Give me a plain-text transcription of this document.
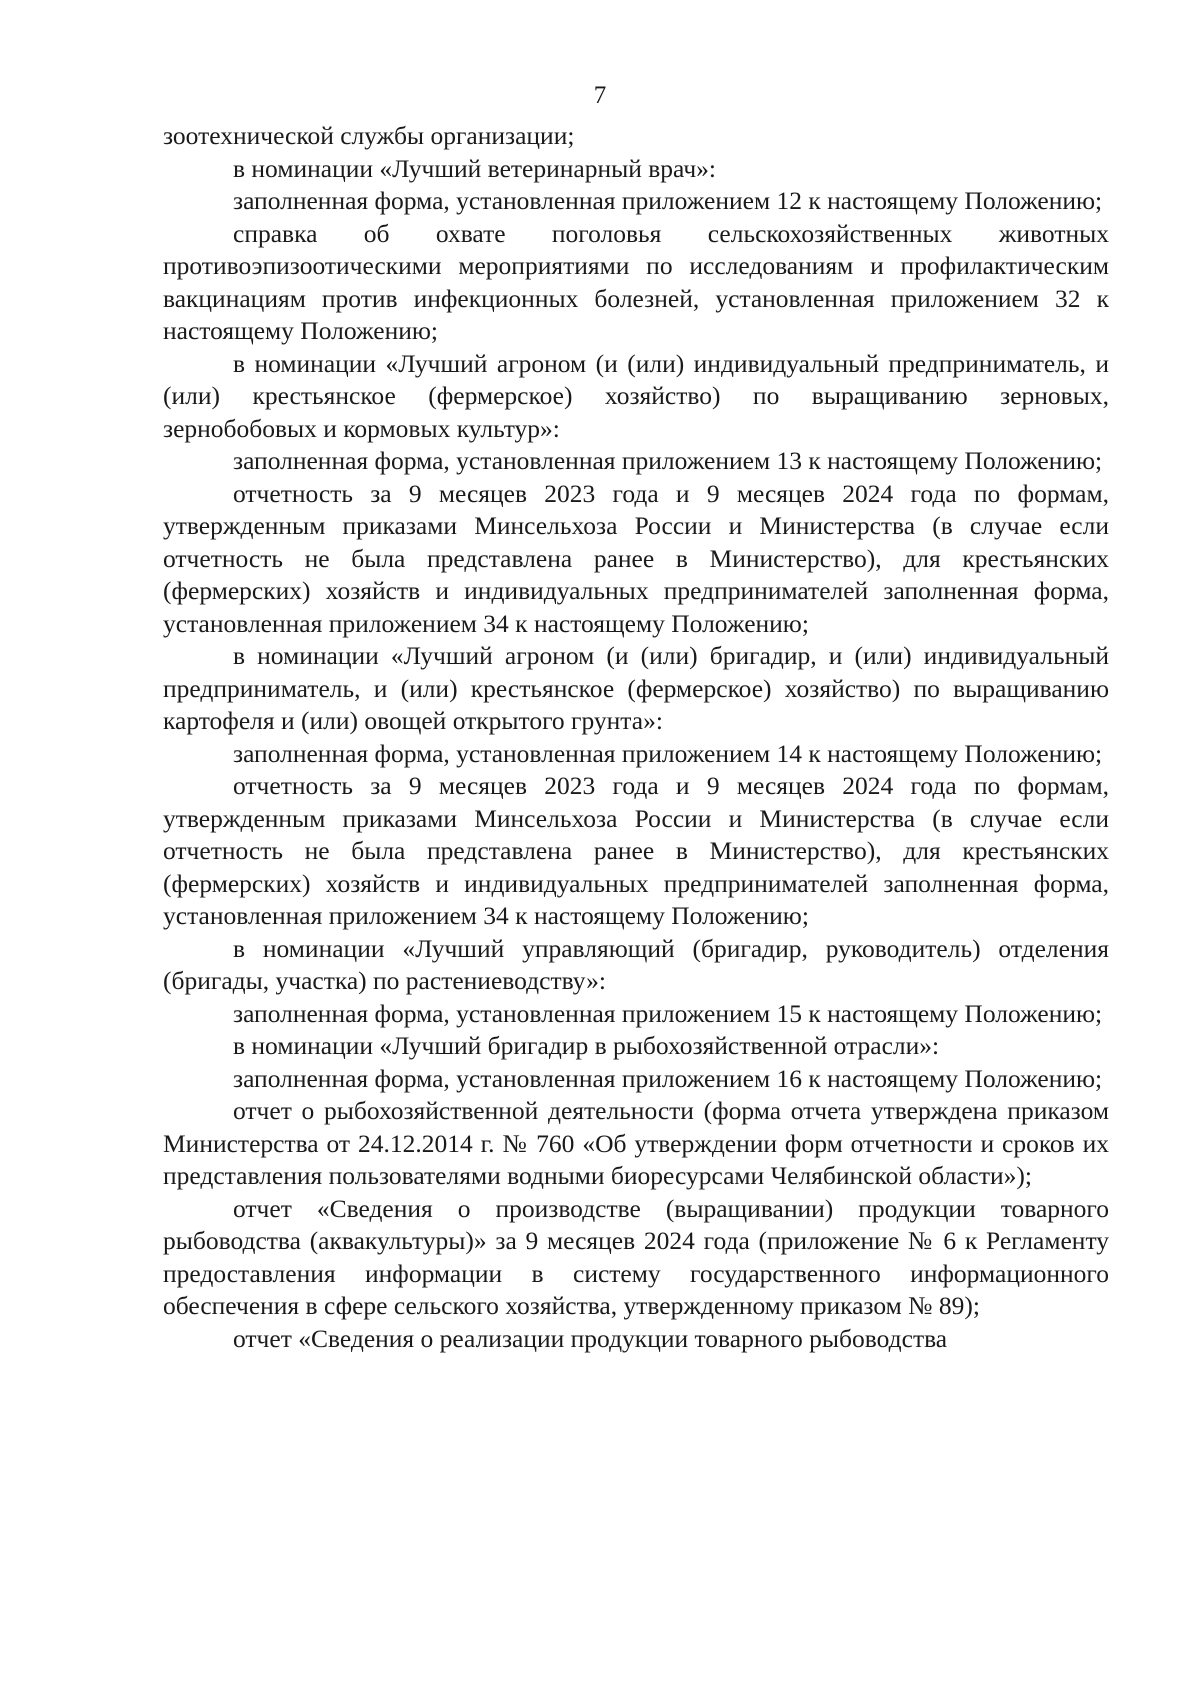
7

зоотехнической службы организации;

в номинации «Лучший ветеринарный врач»:

заполненная форма, установленная приложением 12 к настоящему Положению;

справка об охвате поголовья сельскохозяйственных животных противоэпизоотическими мероприятиями по исследованиям и профилактическим вакцинациям против инфекционных болезней, установленная приложением 32 к настоящему Положению;

в номинации «Лучший агроном (и (или) индивидуальный предприниматель, и (или) крестьянское (фермерское) хозяйство) по выращиванию зерновых, зернобобовых и кормовых культур»:

заполненная форма, установленная приложением 13 к настоящему Положению;

отчетность за 9 месяцев 2023 года и 9 месяцев 2024 года по формам, утвержденным приказами Минсельхоза России и Министерства (в случае если отчетность не была представлена ранее в Министерство), для крестьянских (фермерских) хозяйств и индивидуальных предпринимателей заполненная форма, установленная приложением 34 к настоящему Положению;

в номинации «Лучший агроном (и (или) бригадир, и (или) индивидуальный предприниматель, и (или) крестьянское (фермерское) хозяйство) по выращиванию картофеля и (или) овощей открытого грунта»:

заполненная форма, установленная приложением 14 к настоящему Положению;

отчетность за 9 месяцев 2023 года и 9 месяцев 2024 года по формам, утвержденным приказами Минсельхоза России и Министерства (в случае если отчетность не была представлена ранее в Министерство), для крестьянских (фермерских) хозяйств и индивидуальных предпринимателей заполненная форма, установленная приложением 34 к настоящему Положению;

в номинации «Лучший управляющий (бригадир, руководитель) отделения (бригады, участка) по растениеводству»:

заполненная форма, установленная приложением 15 к настоящему Положению;

в номинации «Лучший бригадир в рыбохозяйственной отрасли»:

заполненная форма, установленная приложением 16 к настоящему Положению;

отчет о рыбохозяйственной деятельности (форма отчета утверждена приказом Министерства от 24.12.2014 г. № 760 «Об утверждении форм отчетности и сроков их представления пользователями водными биоресурсами Челябинской области»);

отчет «Сведения о производстве (выращивании) продукции товарного рыбоводства (аквакультуры)» за 9 месяцев 2024 года (приложение № 6 к Регламенту предоставления информации в систему государственного информационного обеспечения в сфере сельского хозяйства, утвержденному приказом № 89);

отчет «Сведения о реализации продукции товарного рыбоводства
